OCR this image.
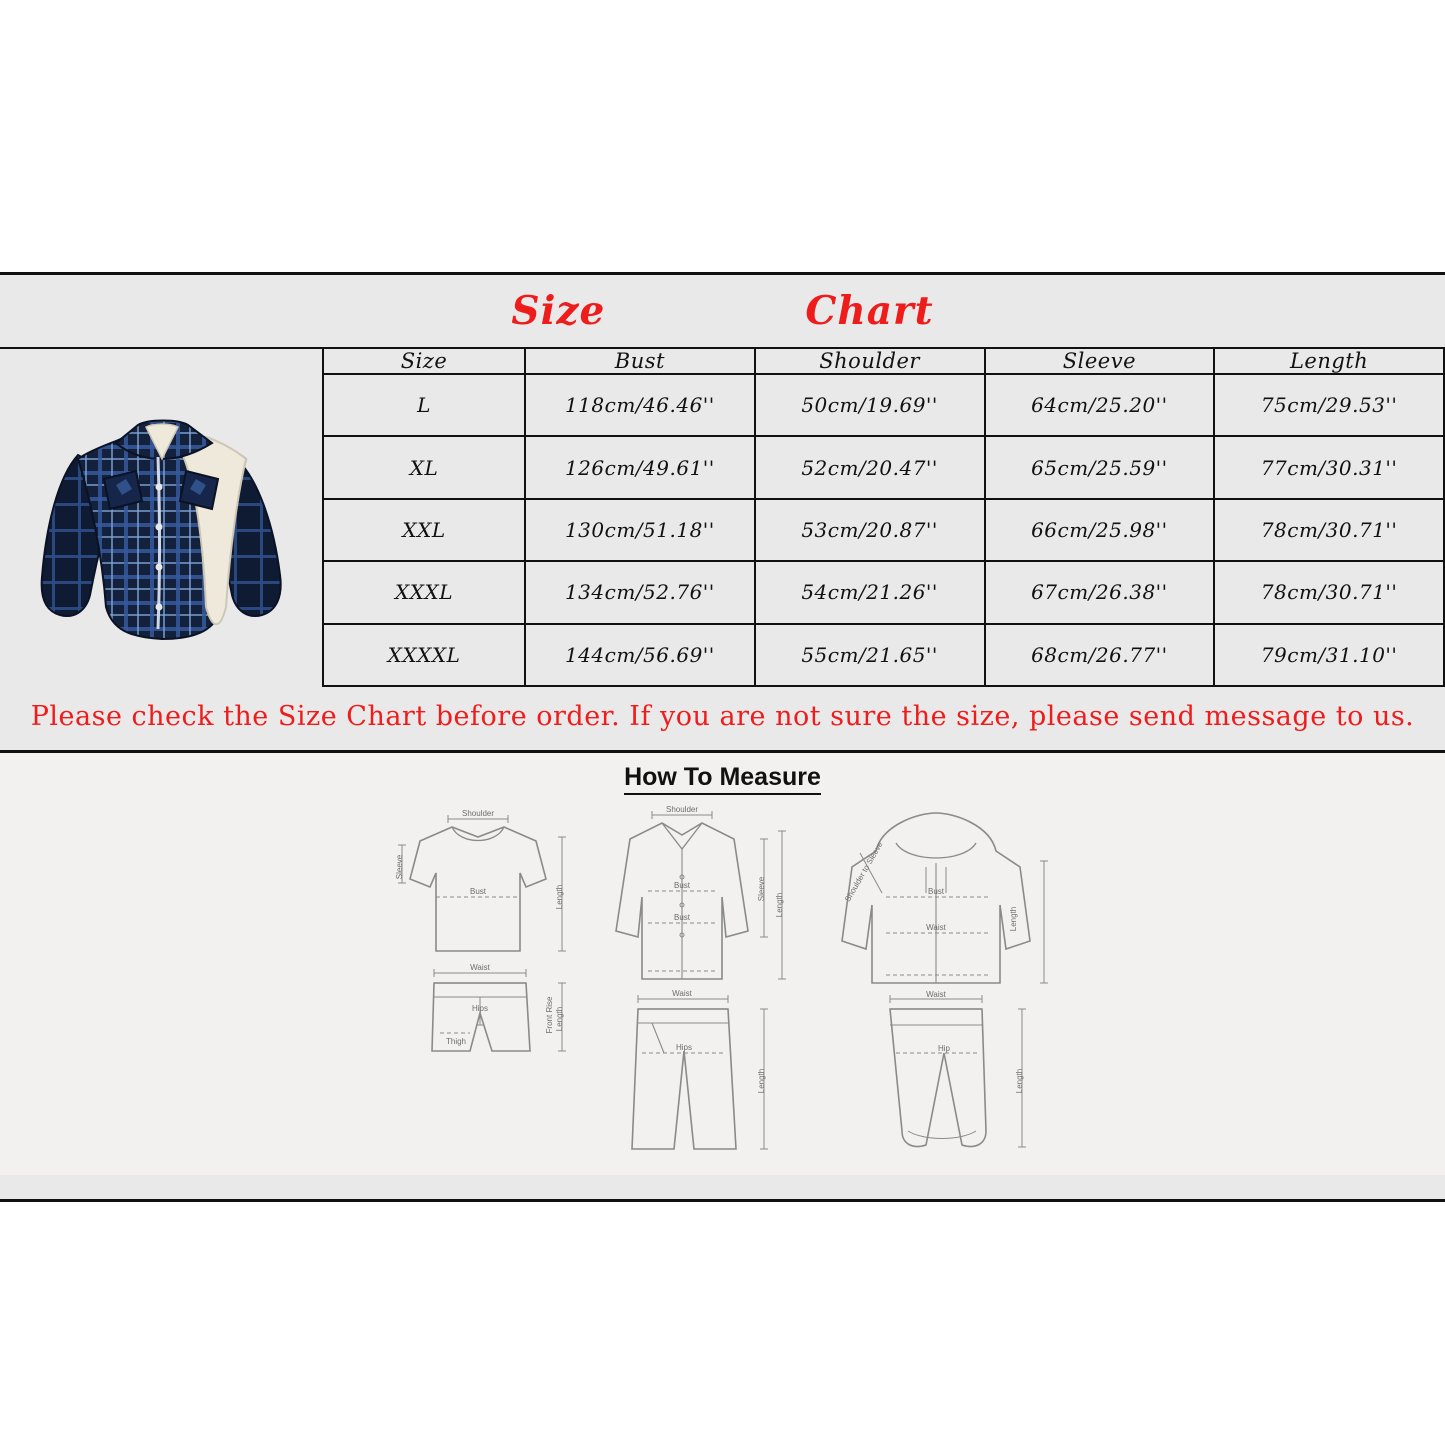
Size	Chart
Size	Bust	Shoulder	Sleeve	Length
L	118cm/46.46''	50cm/19.69''	64cm/25.20''	75cm/29.53''
XL	126cm/49.61''	52cm/20.47''	65cm/25.59''	77cm/30.31''
XXL	130cm/51.18''	53cm/20.87''	66cm/25.98''	78cm/30.71''
XXXL	134cm/52.76''	54cm/21.26''	67cm/26.38''	78cm/30.71''
XXXXL	144cm/56.69''	55cm/21.65''	68cm/26.77''	79cm/31.10''
Please check the Size Chart before order. If you are not sure the size, please send message to us.
How To Measure
Shoulder
Sleeve
Bust	Length
Waist
Hips	Front Rise Length
Thigh
Shoulder
Bust
Bust
Waist
Sleeve
Length
Hips
Length
Shoulder to Sleeve	Bust
Waist
Waist
Length
Hip
Length
